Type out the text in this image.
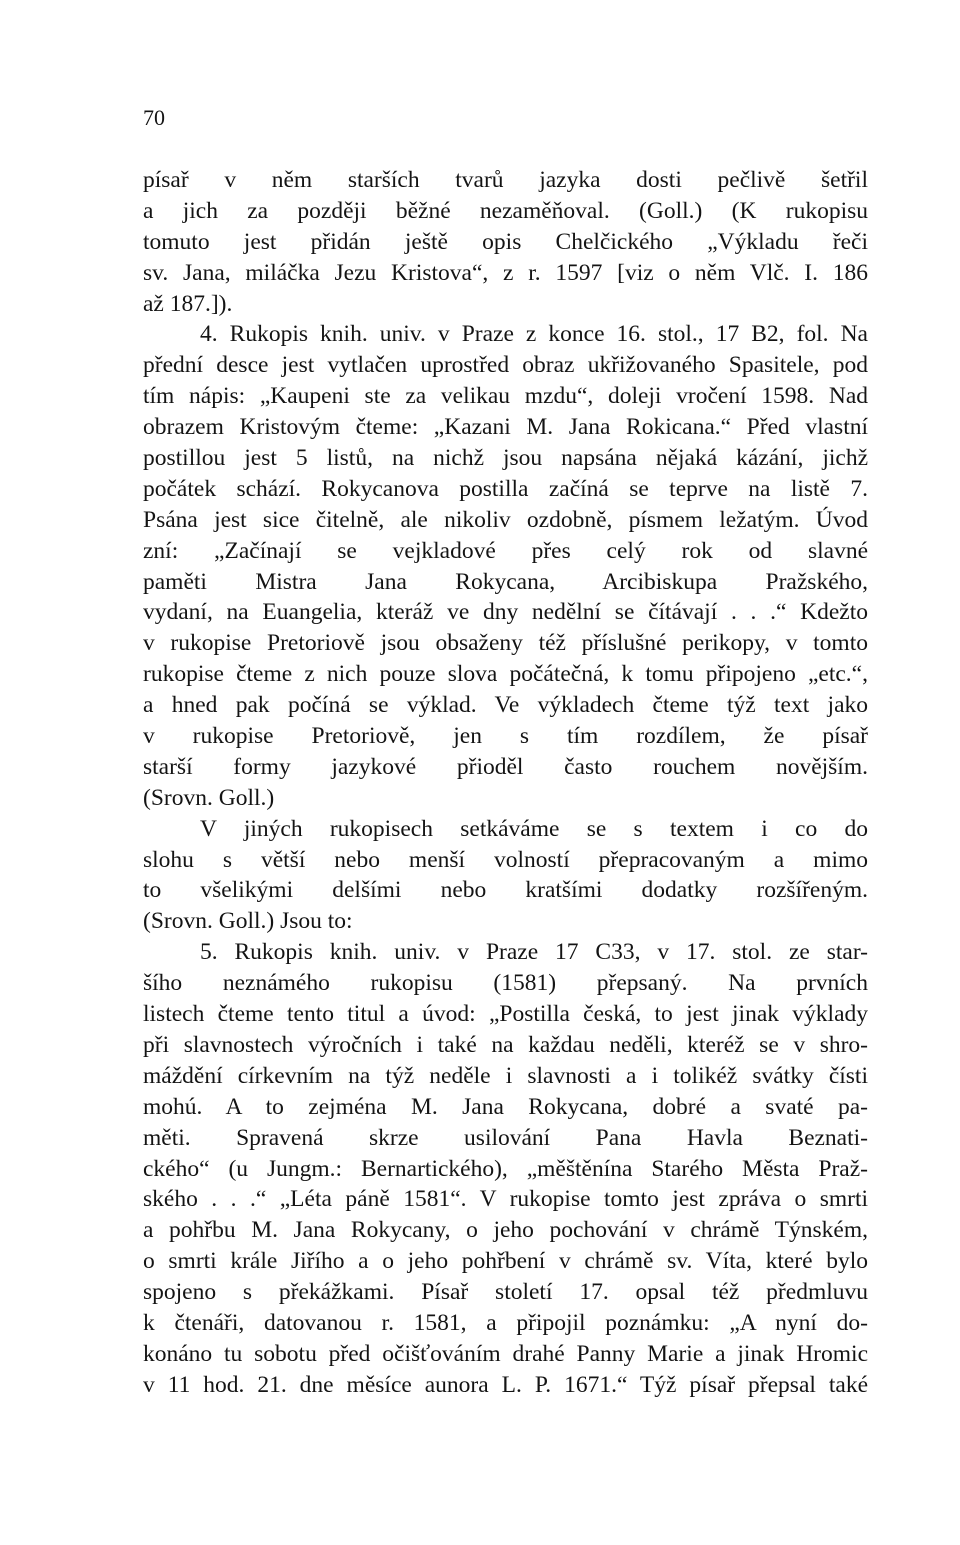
70
písař v něm starších tvarů jazyka dosti pečlivě šetřil
a jich za později běžné nezaměňoval. (Goll.) (K rukopisu
tomuto jest přidán ještě opis Chelčického „Výkladu řeči
sv. Jana, miláčka Jezu Kristova“, z r. 1597 [viz o něm Vlč. I. 186
až 187.]).
4. Rukopis knih. univ. v Praze z konce 16. stol., 17 B2, fol. Na
přední desce jest vytlačen uprostřed obraz ukřižovaného Spasitele, pod
tím nápis: „Kaupeni ste za velikau mzdu“, doleji vročení 1598. Nad
obrazem Kristovým čteme: „Kazani M. Jana Rokicana.“ Před vlastní
postillou jest 5 listů, na nichž jsou napsána nějaká kázání, jichž
počátek schází. Rokycanova postilla začíná se teprve na listě 7.
Psána jest sice čitelně, ale nikoliv ozdobně, písmem ležatým. Úvod
zní: „Začínají se vejkladové přes celý rok od slavné
paměti Mistra Jana Rokycana, Arcibiskupa Pražského,
vydaní, na Euangelia, kteráž ve dny nedělní se čítávají . . .“ Kdežto
v rukopise Pretoriově jsou obsaženy též příslušné perikopy, v tomto
rukopise čteme z nich pouze slova počátečná, k tomu připojeno „etc.“,
a hned pak počíná se výklad. Ve výkladech čteme týž text jako
v rukopise Pretoriově, jen s tím rozdílem, že písař
starší formy jazykové přioděl často rouchem novějším.
(Srovn. Goll.)
V jiných rukopisech setkáváme se s textem i co do
slohu s větší nebo menší volností přepracovaným a mimo
to všelikými delšími nebo kratšími dodatky rozšířeným.
(Srovn. Goll.) Jsou to:
5. Rukopis knih. univ. v Praze 17 C33, v 17. stol. ze star-
šího neznámého rukopisu (1581) přepsaný. Na prvních
listech čteme tento titul a úvod: „Postilla česká, to jest jinak výklady
při slavnostech výročních i také na každau neděli, kteréž se v shro-
máždění církevním na týž neděle i slavnosti a i tolikéž svátky čísti
mohú. A to zejména M. Jana Rokycana, dobré a svaté pa-
měti. Spravená skrze usilování Pana Havla Beznati-
ckého“ (u Jungm.: Bernartického), „měštěnína Starého Města Praž-
ského . . .“ „Léta páně 1581“. V rukopise tomto jest zpráva o smrti
a pohřbu M. Jana Rokycany, o jeho pochování v chrámě Týnském,
o smrti krále Jiřího a o jeho pohřbení v chrámě sv. Víta, které bylo
spojeno s překážkami. Písař století 17. opsal též předmluvu
k čtenáři, datovanou r. 1581, a připojil poznámku: „A nyní do-
konáno tu sobotu před očišťováním drahé Panny Marie a jinak Hromic
v 11 hod. 21. dne měsíce aunora L. P. 1671.“ Týž písař přepsal také
